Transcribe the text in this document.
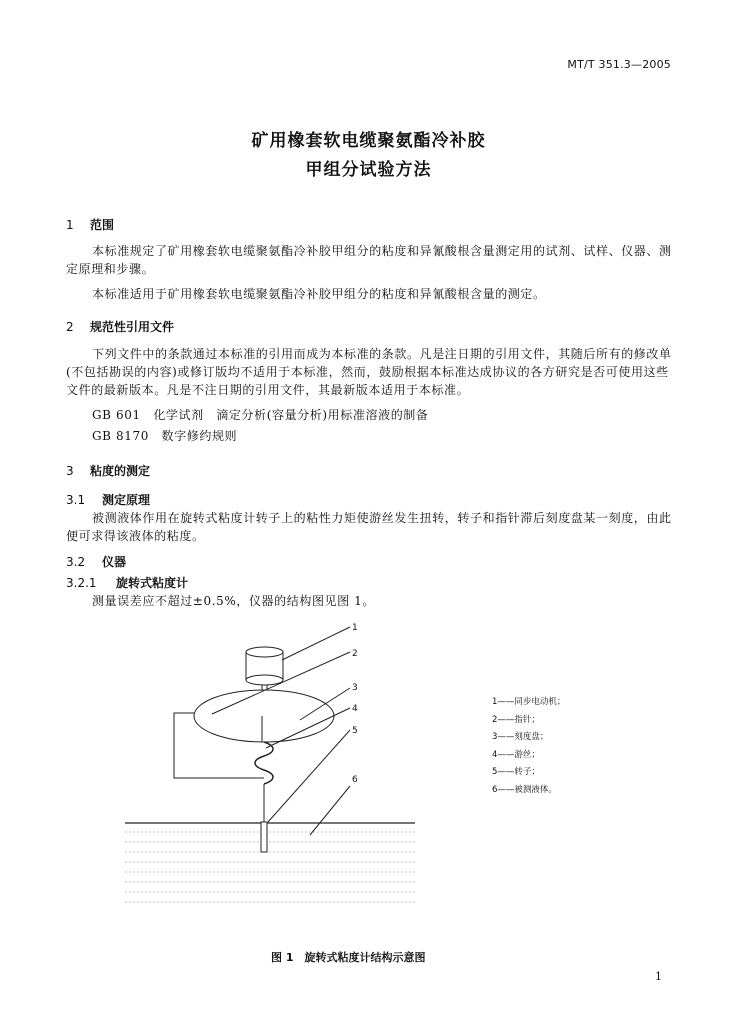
MT/T 351.3—2005
矿用橡套软电缆聚氨酯冷补胶
甲组分试验方法
1 范围
本标准规定了矿用橡套软电缆聚氨酯冷补胶甲组分的粘度和异氰酸根含量测定用的试剂、试样、仪器、测定原理和步骤。
本标准适用于矿用橡套软电缆聚氨酯冷补胶甲组分的粘度和异氰酸根含量的测定。
2 规范性引用文件
下列文件中的条款通过本标准的引用而成为本标准的条款。凡是注日期的引用文件，其随后所有的修改单(不包括勘误的内容)或修订版均不适用于本标准，然而，鼓励根据本标准达成协议的各方研究是否可使用这些文件的最新版本。凡是不注日期的引用文件，其最新版本适用于本标准。
GB 601　化学试剂　滴定分析(容量分析)用标准溶液的制备
GB 8170　数字修约规则
3 粘度的测定
3.1 测定原理
被测液体作用在旋转式粘度计转子上的粘性力矩使游丝发生扭转，转子和指针滞后刻度盘某一刻度，由此便可求得该液体的粘度。
3.2 仪器
3.2.1 旋转式粘度计
测量误差应不超过±0.5%，仪器的结构图见图 1。
1
2
3
4
5
6
1——同步电动机；
2——指针；
3——刻度盘；
4——游丝；
5——转子；
6——被测液体。
图 1　旋转式粘度计结构示意图
1
